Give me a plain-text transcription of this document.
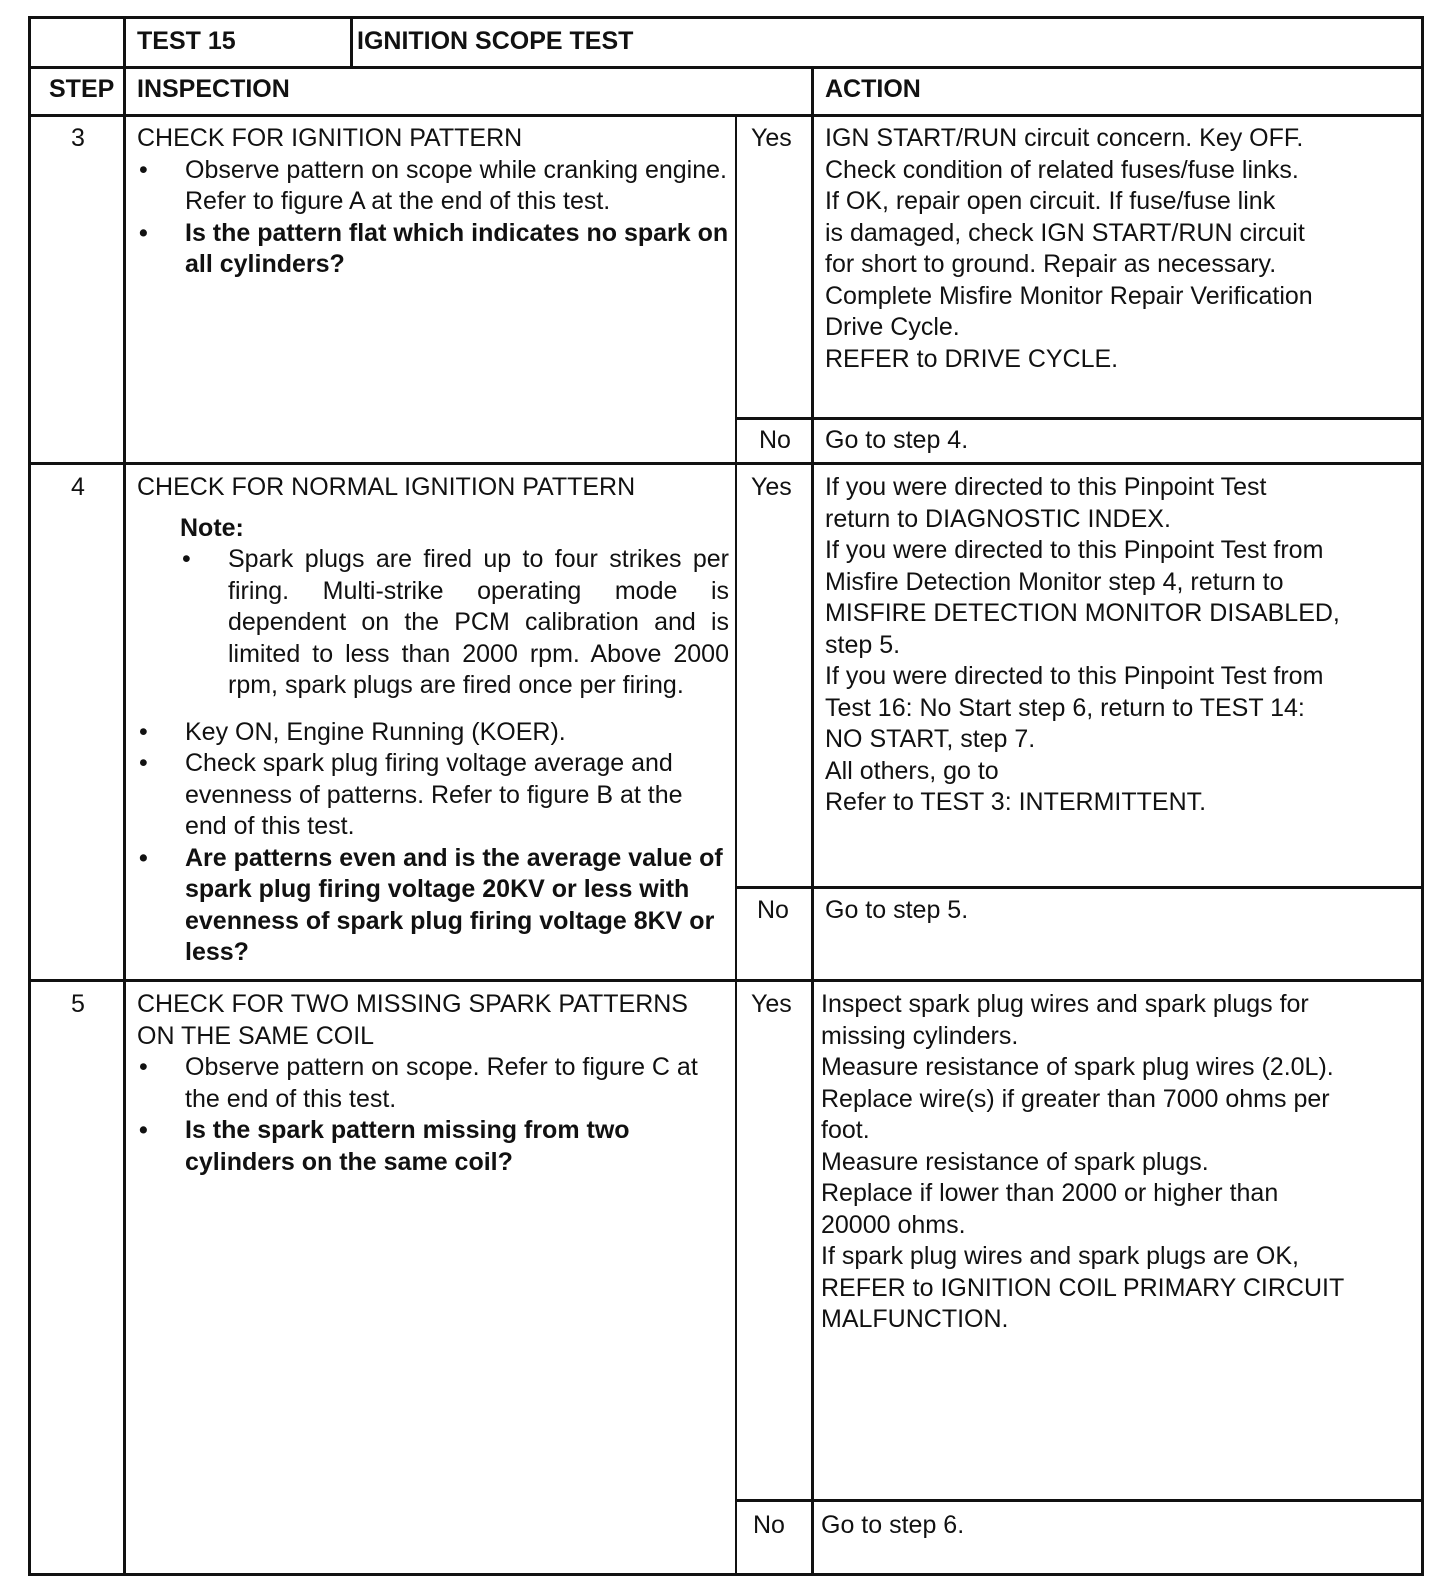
TEST 15	IGNITION SCOPE TEST
STEP INSPECTION	ACTION
3 CHECK FOR IGNITION PATTERN
• Observe pattern on scope while cranking engine. Refer to figure A at the end of this test.
• Is the pattern flat which indicates no spark on all cylinders?
Yes IGN START/RUN circuit concern. Key OFF.
Check condition of related fuses/fuse links.
If OK, repair open circuit. If fuse/fuse link
is damaged, check IGN START/RUN circuit
for short to ground. Repair as necessary.
Complete Misfire Monitor Repair Verification
Drive Cycle.
REFER to DRIVE CYCLE.
No Go to step 4.
4 CHECK FOR NORMAL IGNITION PATTERN
Note:
• Spark plugs are fired up to four strikes per firing. Multi-strike operating mode is dependent on the PCM calibration and is limited to less than 2000 rpm. Above 2000 rpm, spark plugs are fired once per firing.
• Key ON, Engine Running (KOER).
• Check spark plug firing voltage average and evenness of patterns. Refer to figure B at the end of this test.
• Are patterns even and is the average value of spark plug firing voltage 20KV or less with evenness of spark plug firing voltage 8KV or less?
Yes If you were directed to this Pinpoint Test
return to DIAGNOSTIC INDEX.
If you were directed to this Pinpoint Test from
Misfire Detection Monitor step 4, return to
MISFIRE DETECTION MONITOR DISABLED,
step 5.
If you were directed to this Pinpoint Test from
Test 16: No Start step 6, return to TEST 14:
NO START, step 7.
All others, go to
Refer to TEST 3: INTERMITTENT.
No Go to step 5.
5 CHECK FOR TWO MISSING SPARK PATTERNS
ON THE SAME COIL
• Observe pattern on scope. Refer to figure C at the end of this test.
• Is the spark pattern missing from two cylinders on the same coil?
Yes Inspect spark plug wires and spark plugs for
missing cylinders.
Measure resistance of spark plug wires (2.0L).
Replace wire(s) if greater than 7000 ohms per
foot.
Measure resistance of spark plugs.
Replace if lower than 2000 or higher than
20000 ohms.
If spark plug wires and spark plugs are OK,
REFER to IGNITION COIL PRIMARY CIRCUIT
MALFUNCTION.
No Go to step 6.
